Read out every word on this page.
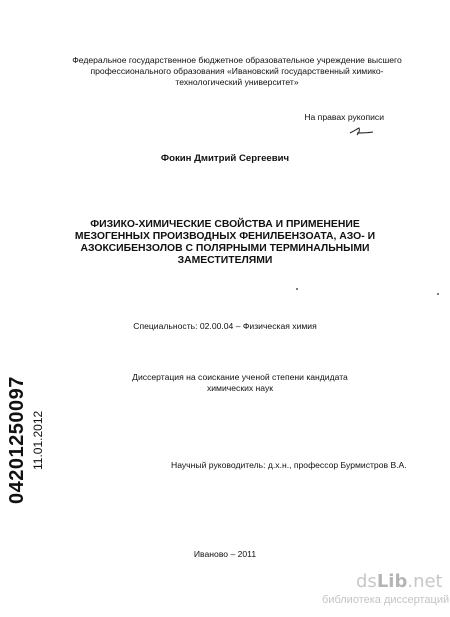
Федеральное государственное бюджетное образовательное учреждение высшего
профессионального образования «Ивановский государственный химико-
технологический университет»
На правах рукописи
Фокин Дмитрий Сергеевич
ФИЗИКО-ХИМИЧЕСКИЕ СВОЙСТВА И ПРИМЕНЕНИЕ
МЕЗОГЕННЫХ ПРОИЗВОДНЫХ ФЕНИЛБЕНЗОАТА, АЗО- И
АЗОКСИБЕНЗОЛОВ С ПОЛЯРНЫМИ ТЕРМИНАЛЬНЫМИ
ЗАМЕСТИТЕЛЯМИ
Специальность: 02.00.04 – Физическая химия
Диссертация на соискание ученой степени кандидата
химических наук
Научный руководитель: д.х.н., профессор Бурмистров В.А.
Иваново – 2011
04201250097 11.01.2012
dsLib.net
библиотека диссертаций
